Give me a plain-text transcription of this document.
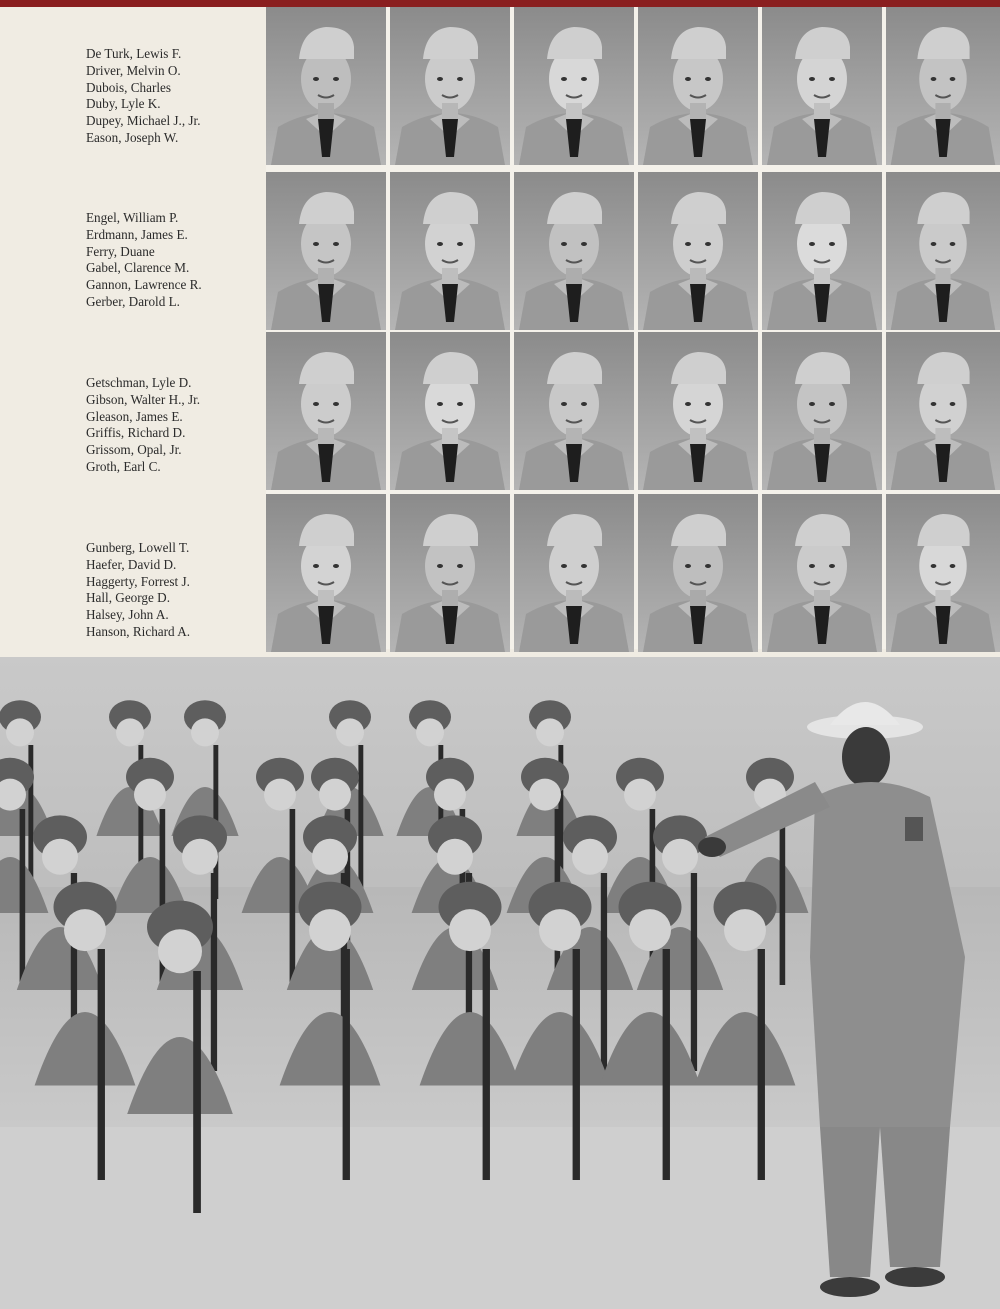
De Turk, Lewis F.
Driver, Melvin O.
Dubois, Charles
Duby, Lyle K.
Dupey, Michael J., Jr.
Eason, Joseph W.
Engel, William P.
Erdmann, James E.
Ferry, Duane
Gabel, Clarence M.
Gannon, Lawrence R.
Gerber, Darold L.
Getschman, Lyle D.
Gibson, Walter H., Jr.
Gleason, James E.
Griffis, Richard D.
Grissom, Opal, Jr.
Groth, Earl C.
Gunberg, Lowell T.
Haefer, David D.
Haggerty, Forrest J.
Hall, George D.
Halsey, John A.
Hanson, Richard A.
